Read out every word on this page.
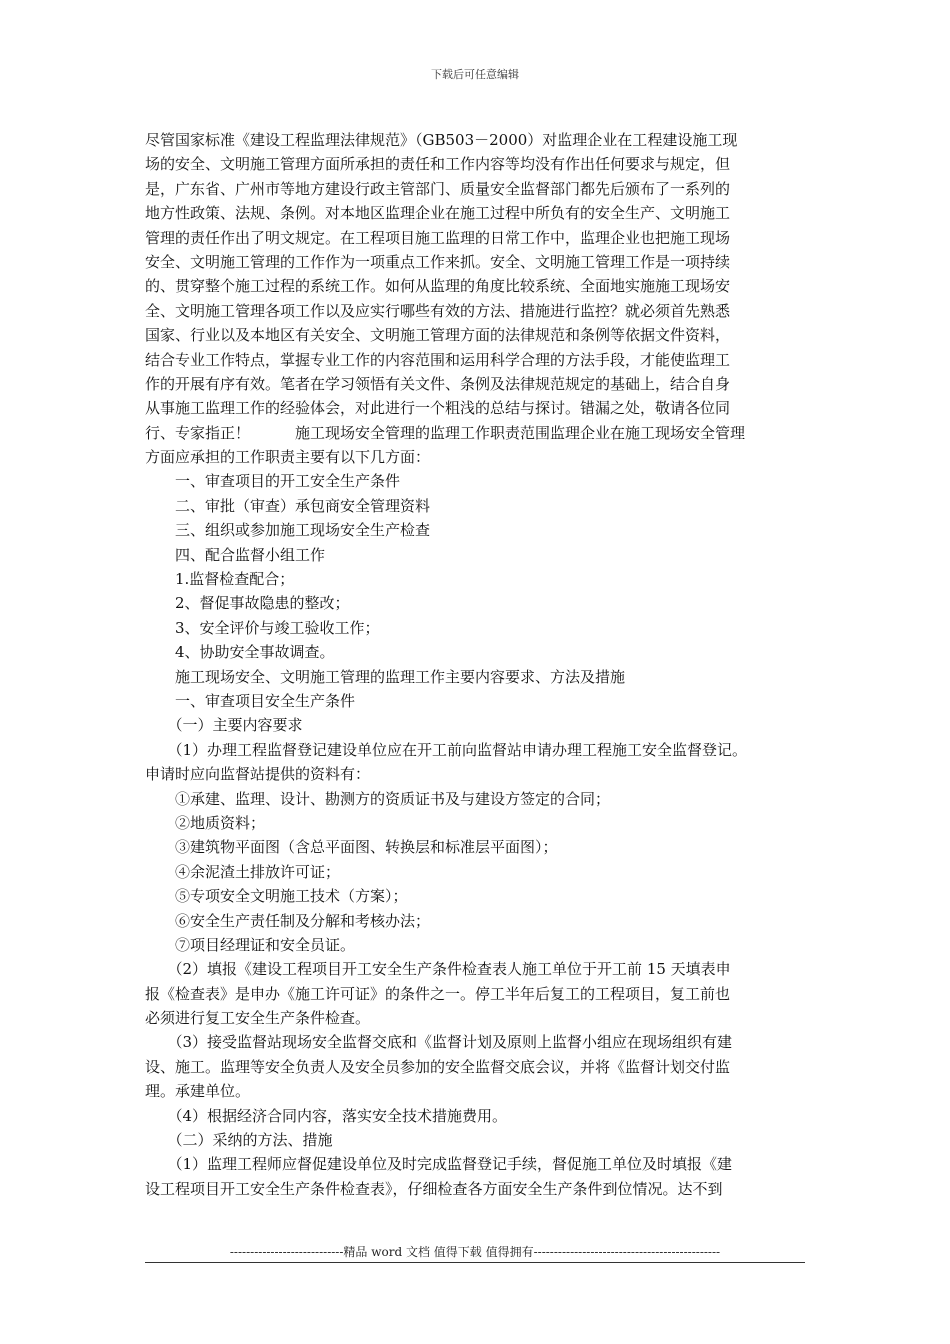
下载后可任意编辑
尽管国家标准《建设工程监理法律规范》（GB503－2000）对监理企业在工程建设施工现
场的安全、文明施工管理方面所承担的责任和工作内容等均没有作出任何要求与规定，但
是，广东省、广州市等地方建设行政主管部门、质量安全监督部门都先后颁布了一系列的
地方性政策、法规、条例。对本地区监理企业在施工过程中所负有的安全生产、文明施工
管理的责任作出了明文规定。在工程项目施工监理的日常工作中，监理企业也把施工现场
安全、文明施工管理的工作作为一项重点工作来抓。安全、文明施工管理工作是一项持续
的、贯穿整个施工过程的系统工作。如何从监理的角度比较系统、全面地实施施工现场安
全、文明施工管理各项工作以及应实行哪些有效的方法、措施进行监控？就必须首先熟悉
国家、行业以及本地区有关安全、文明施工管理方面的法律规范和条例等依据文件资料，
结合专业工作特点，掌握专业工作的内容范围和运用科学合理的方法手段，才能使监理工
作的开展有序有效。笔者在学习领悟有关文件、条例及法律规范规定的基础上，结合自身
从事施工监理工作的经验体会，对此进行一个粗浅的总结与探讨。错漏之处，敬请各位同
行、专家指正！　　　施工现场安全管理的监理工作职责范围监理企业在施工现场安全管理
方面应承担的工作职责主要有以下几方面：
　　一、审查项目的开工安全生产条件
　　二、审批（审查）承包商安全管理资料
　　三、组织或参加施工现场安全生产检查
　　四、配合监督小组工作
　　1.监督检查配合；
　　2、督促事故隐患的整改；
　　3、安全评价与竣工验收工作；
　　4、协助安全事故调查。
　　施工现场安全、文明施工管理的监理工作主要内容要求、方法及措施
　　一、审查项目安全生产条件
　　（一）主要内容要求
　　（1）办理工程监督登记建设单位应在开工前向监督站申请办理工程施工安全监督登记。
申请时应向监督站提供的资料有：
　　①承建、监理、设计、勘测方的资质证书及与建设方签定的合同；
　　②地质资料；
　　③建筑物平面图（含总平面图、转换层和标准层平面图）；
　　④余泥渣土排放许可证；
　　⑤专项安全文明施工技术（方案）；
　　⑥安全生产责任制及分解和考核办法；
　　⑦项目经理证和安全员证。
　　（2）填报《建设工程项目开工安全生产条件检查表人施工单位于开工前 15 天填表申
报《检查表》是申办《施工许可证》的条件之一。停工半年后复工的工程项目，复工前也
必须进行复工安全生产条件检查。
　　（3）接受监督站现场安全监督交底和《监督计划及原则上监督小组应在现场组织有建
设、施工。监理等安全负责人及安全员参加的安全监督交底会议，并将《监督计划交付监
理。承建单位。
　　（4）根据经济合同内容，落实安全技术措施费用。
　　（二）采纳的方法、措施
　　（1）监理工程师应督促建设单位及时完成监督登记手续，督促施工单位及时填报《建
设工程项目开工安全生产条件检查表》，仔细检查各方面安全生产条件到位情况。达不到
----------------------------精品 word 文档 值得下载 值得拥有----------------------------------------------
